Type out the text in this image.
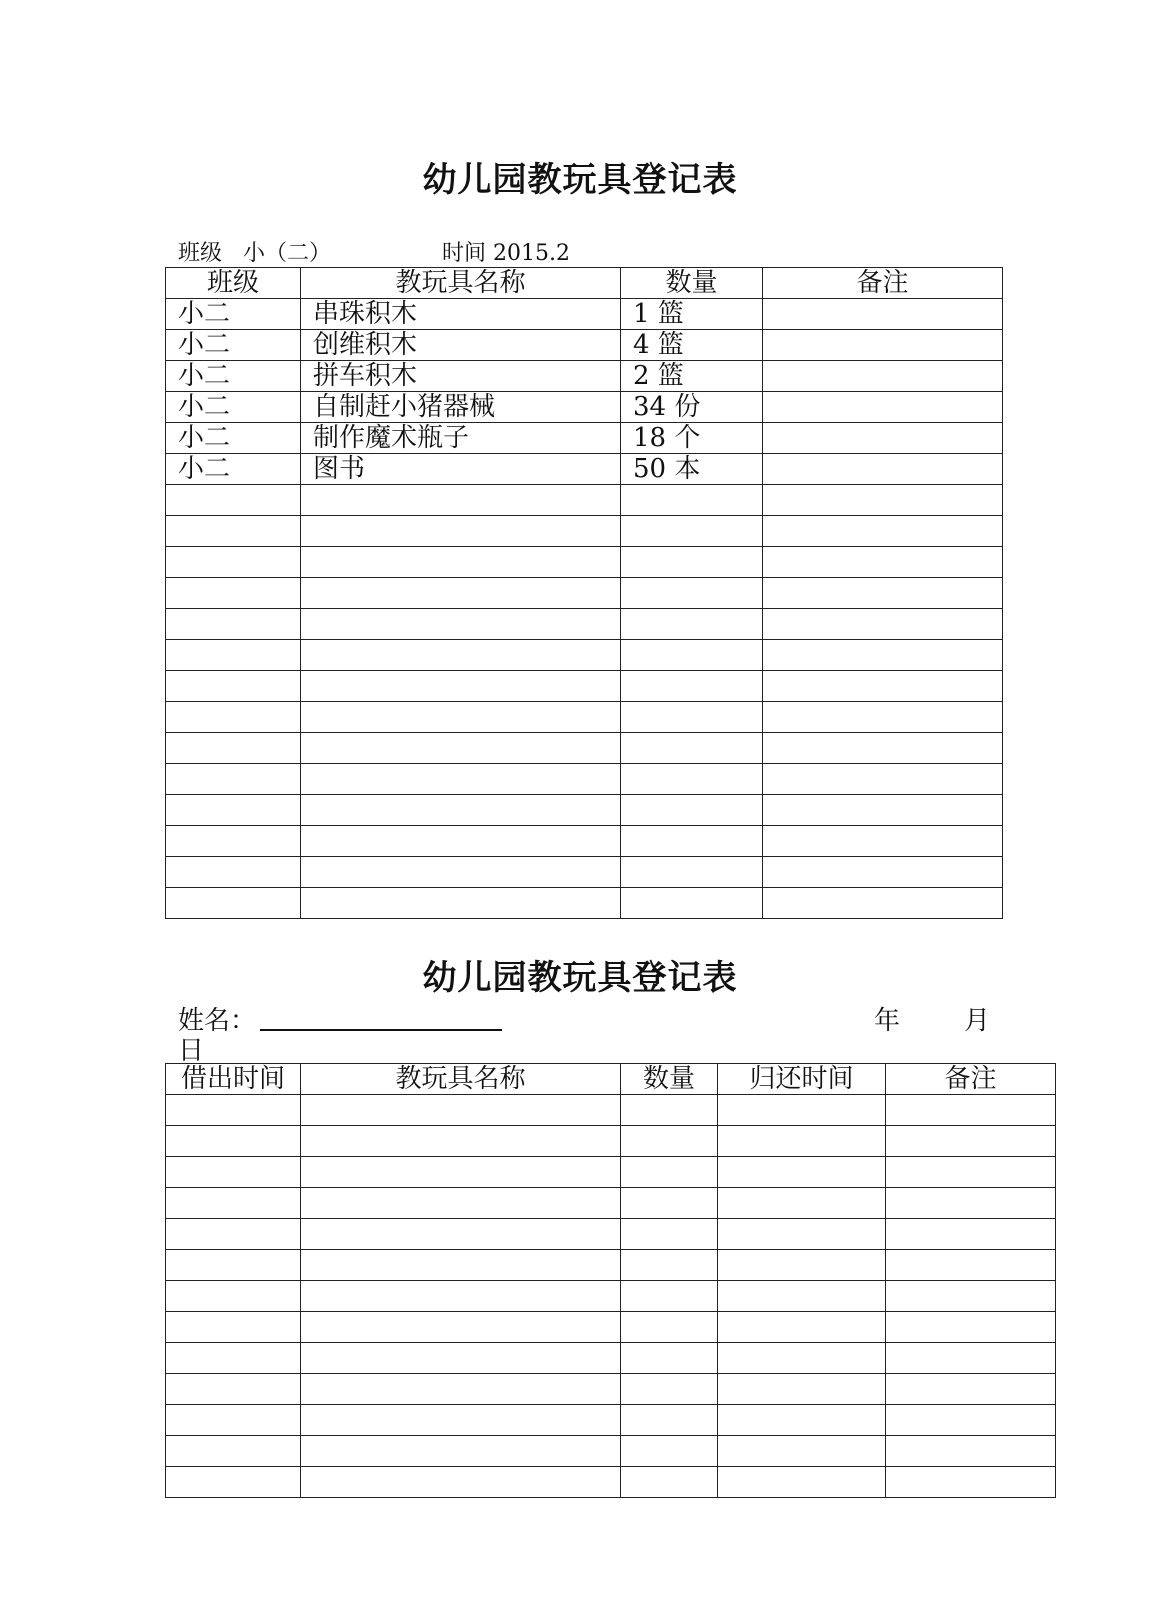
幼儿园教玩具登记表
班级 小（二）	时间 2015.2
班级	教玩具名称	数量	备注
小二	串珠积木	1 篮	
小二	创维积木	4 篮	
小二	拼车积木	2 篮	
小二	自制赶小猪器械	34 份	
小二	制作魔术瓶子	18 个	
小二	图书	50 本	

幼儿园教玩具登记表
姓名：	年 月
日
借出时间	教玩具名称	数量	归还时间	备注
